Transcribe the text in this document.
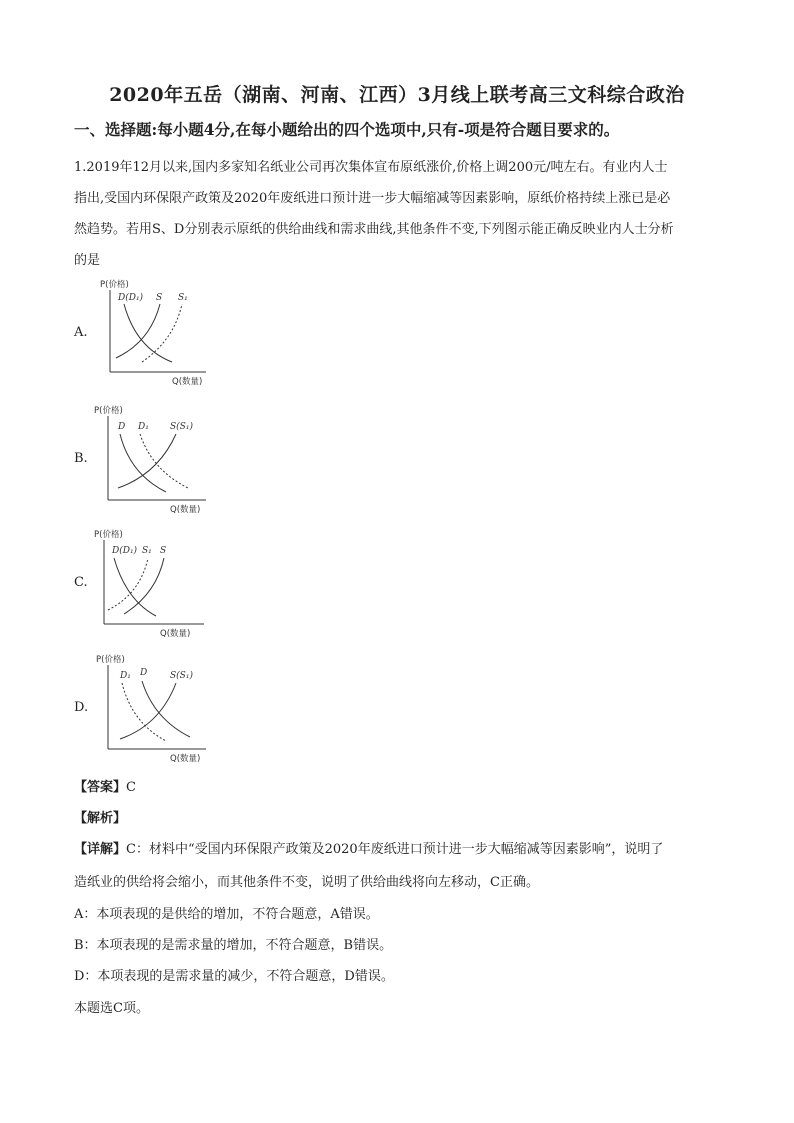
2020年五岳（湖南、河南、江西）3月线上联考高三文科综合政治
一、选择题:每小题4分,在每小题给出的四个选项中,只有-项是符合题目要求的。

1.2019年12月以来,国内多家知名纸业公司再次集体宣布原纸涨价,价格上调200元/吨左右。有业内人士

指出,受国内环保限产政策及2020年废纸进口预计进一步大幅缩减等因素影响，原纸价格持续上涨已是必

然趋势。若用S、D分别表示原纸的供给曲线和需求曲线,其他条件不变,下列图示能正确反映业内人士分析

的是

A.
P(价格)
Q(数量)
D(D₁) S S₁
B.
P(价格)
Q(数量)
D D₁ S(S₁)
C.
P(价格)
Q(数量)
D(D₁) S₁ S
D.
P(价格)
Q(数量)
D₁ D	S(S₁)
【答案】C
【解析】
【详解】C：材料中“受国内环保限产政策及2020年废纸进口预计进一步大幅缩减等因素影响”，说明了
造纸业的供给将会缩小，而其他条件不变，说明了供给曲线将向左移动，C正确。
A：本项表现的是供给的增加，不符合题意，A错误。
B：本项表现的是需求量的增加，不符合题意，B错误。
D：本项表现的是需求量的减少，不符合题意，D错误。
本题选C项。
